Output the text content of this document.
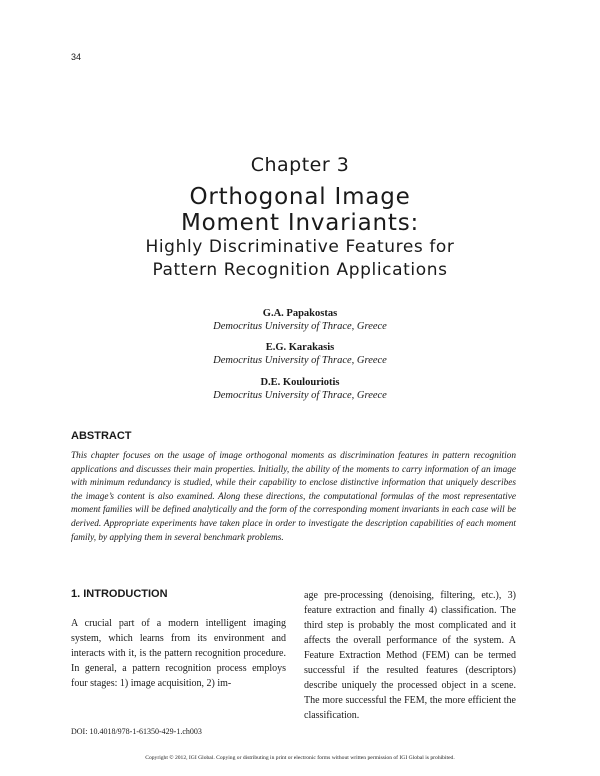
34
Chapter 3
Orthogonal Image
Moment Invariants:
Highly Discriminative Features for
Pattern Recognition Applications
G.A. Papakostas
Democritus University of Thrace, Greece
E.G. Karakasis
Democritus University of Thrace, Greece
D.E. Koulouriotis
Democritus University of Thrace, Greece
ABSTRACT
This chapter focuses on the usage of image orthogonal moments as discrimination features in pattern recognition applications and discusses their main properties. Initially, the ability of the moments to carry information of an image with minimum redundancy is studied, while their capability to enclose distinctive information that uniquely describes the image’s content is also examined. Along these directions, the computational formulas of the most representative moment families will be defined analytically and the form of the corresponding moment invariants in each case will be derived. Appropriate experiments have taken place in order to investigate the description capabilities of each moment family, by applying them in several benchmark problems.
1. INTRODUCTION
A crucial part of a modern intelligent imaging system, which learns from its environment and interacts with it, is the pattern recognition procedure. In general, a pattern recognition process employs four stages: 1) image acquisition, 2) im-
age pre-processing (denoising, filtering, etc.), 3) feature extraction and finally 4) classification. The third step is probably the most complicated and it affects the overall performance of the system. A Feature Extraction Method (FEM) can be termed successful if the resulted features (descriptors) describe uniquely the processed object in a scene. The more successful the FEM, the more efficient the classification.
DOI: 10.4018/978-1-61350-429-1.ch003
Copyright © 2012, IGI Global. Copying or distributing in print or electronic forms without written permission of IGI Global is prohibited.
